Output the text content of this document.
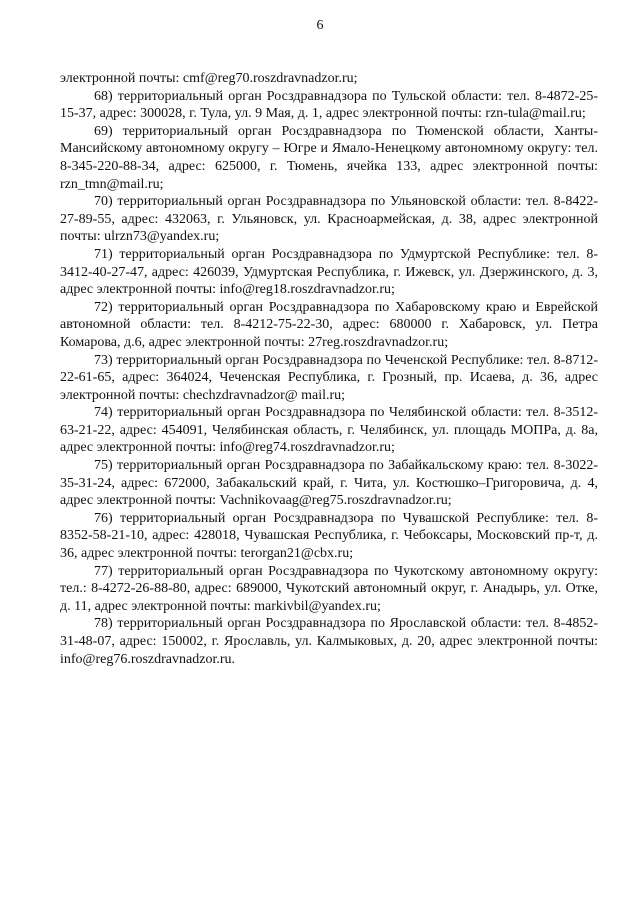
6

электронной почты: cmf@reg70.roszdravnadzor.ru;

68) территориальный орган Росздравнадзора по Тульской области: тел. 8-4872-25-15-37, адрес: 300028, г. Тула, ул. 9 Мая, д. 1, адрес электронной почты: rzn-tula@mail.ru;

69) территориальный орган Росздравнадзора по Тюменской области, Ханты-Мансийскому автономному округу – Югре и Ямало-Ненецкому автономному округу: тел. 8-345-220-88-34, адрес: 625000, г. Тюмень, ячейка 133, адрес электронной почты: rzn_tmn@mail.ru;

70) территориальный орган Росздравнадзора по Ульяновской области: тел. 8-8422-27-89-55, адрес: 432063, г. Ульяновск, ул. Красноармейская, д. 38, адрес электронной почты: ulrzn73@yandex.ru;

71) территориальный орган Росздравнадзора по Удмуртской Республике: тел. 8-3412-40-27-47, адрес: 426039, Удмуртская Республика, г. Ижевск, ул. Дзержинского, д. 3, адрес электронной почты: info@reg18.roszdravnadzor.ru;

72) территориальный орган Росздравнадзора по Хабаровскому краю и Еврейской автономной области: тел. 8-4212-75-22-30, адрес: 680000 г. Хабаровск, ул. Петра Комарова, д.6, адрес электронной почты: 27reg.roszdravnadzor.ru;

73) территориальный орган Росздравнадзора по Чеченской Республике: тел. 8-8712-22-61-65, адрес: 364024, Чеченская Республика, г. Грозный, пр. Исаева, д. 36, адрес электронной почты: chechzdravnadzor@ mail.ru;

74) территориальный орган Росздравнадзора по Челябинской области: тел. 8-3512-63-21-22, адрес: 454091, Челябинская область, г. Челябинск, ул. площадь МОПРа, д. 8а, адрес электронной почты: info@reg74.roszdravnadzor.ru;

75) территориальный орган Росздравнадзора по Забайкальскому краю: тел. 8-3022-35-31-24, адрес: 672000, Забакальский край, г. Чита, ул. Костюшко–Григоровича, д. 4, адрес электронной почты: Vachnikovaag@reg75.roszdravnadzor.ru;

76) территориальный орган Росздравнадзора по Чувашской Республике: тел. 8-8352-58-21-10, адрес: 428018, Чувашская Республика, г. Чебоксары, Московский пр-т, д. 36, адрес электронной почты: terorgan21@cbx.ru;

77) территориальный орган Росздравнадзора по Чукотскому автономному округу: тел.: 8-4272-26-88-80, адрес: 689000, Чукотский автономный округ, г. Анадырь, ул. Отке, д. 11, адрес электронной почты: markivbil@yandex.ru;

78) территориальный орган Росздравнадзора по Ярославской области: тел. 8-4852-31-48-07, адрес: 150002, г. Ярославль, ул. Калмыковых, д. 20, адрес электронной почты: info@reg76.roszdravnadzor.ru.
